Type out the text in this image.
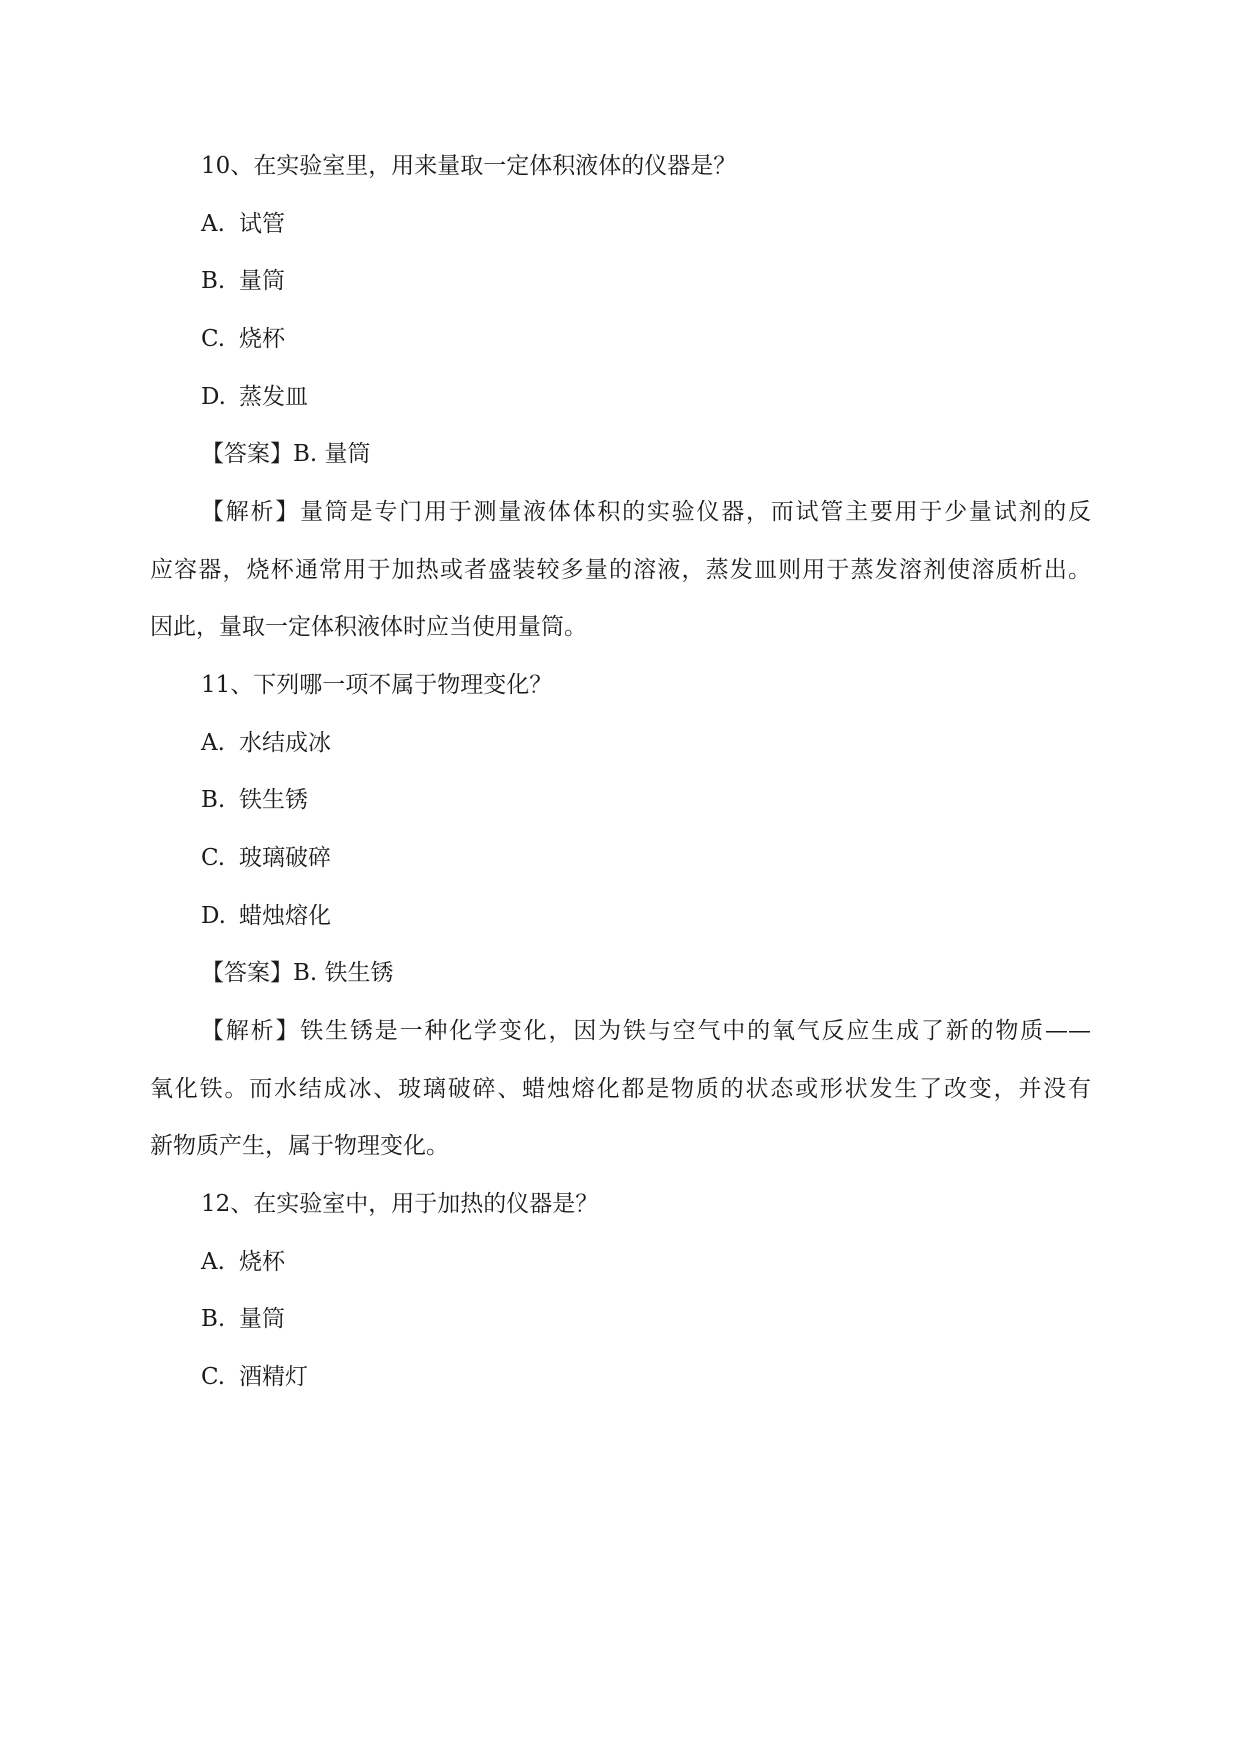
10、在实验室里，用来量取一定体积液体的仪器是？
A. 试管
B. 量筒
C. 烧杯
D. 蒸发皿
【答案】B. 量筒
【解析】量筒是专门用于测量液体体积的实验仪器，而试管主要用于少量试剂的反
应容器，烧杯通常用于加热或者盛装较多量的溶液，蒸发皿则用于蒸发溶剂使溶质析出。
因此，量取一定体积液体时应当使用量筒。
11、下列哪一项不属于物理变化？
A. 水结成冰
B. 铁生锈
C. 玻璃破碎
D. 蜡烛熔化
【答案】B. 铁生锈
【解析】铁生锈是一种化学变化，因为铁与空气中的氧气反应生成了新的物质——
氧化铁。而水结成冰、玻璃破碎、蜡烛熔化都是物质的状态或形状发生了改变，并没有
新物质产生，属于物理变化。
12、在实验室中，用于加热的仪器是？
A. 烧杯
B. 量筒
C. 酒精灯
